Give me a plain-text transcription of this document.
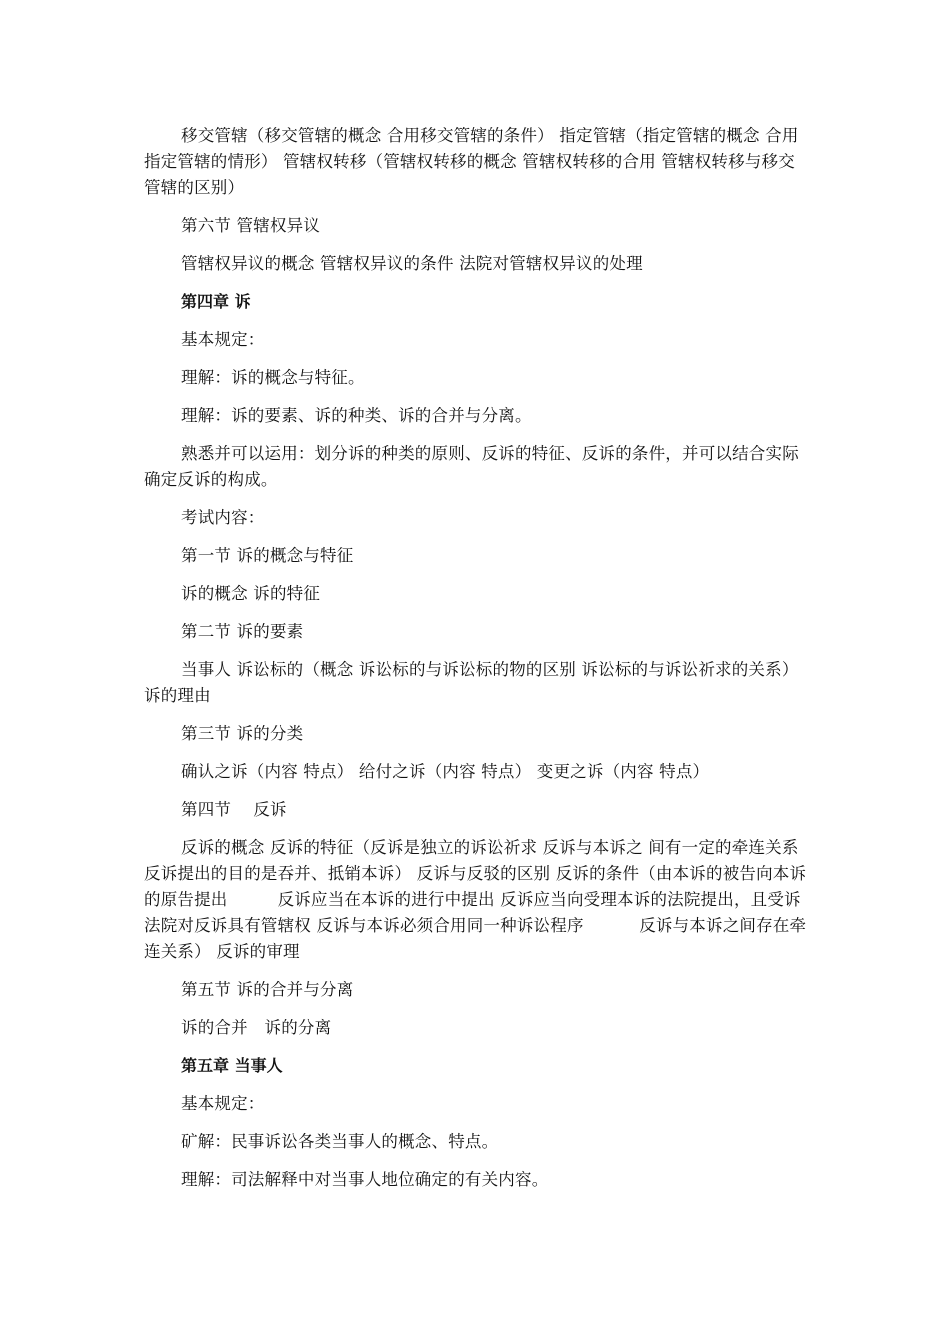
移交管辖（移交管辖的概念 合用移交管辖的条件） 指定管辖（指定管辖的概念 合用指定管辖的情形） 管辖权转移（管辖权转移的概念 管辖权转移的合用 管辖权转移与移交管辖的区别）

第六节 管辖权异议

管辖权异议的概念 管辖权异议的条件 法院对管辖权异议的处理

第四章 诉

基本规定：

理解：诉的概念与特征。

理解：诉的要素、诉的种类、诉的合并与分离。

熟悉并可以运用：划分诉的种类的原则、反诉的特征、反诉的条件，并可以结合实际确定反诉的构成。

考试内容：

第一节 诉的概念与特征

诉的概念 诉的特征

第二节 诉的要素

当事人 诉讼标的（概念 诉讼标的与诉讼标的物的区别 诉讼标的与诉讼祈求的关系） 诉的理由

第三节 诉的分类

确认之诉（内容 特点） 给付之诉（内容 特点） 变更之诉（内容 特点）

第四节　 反诉

反诉的概念 反诉的特征（反诉是独立的诉讼祈求 反诉与本诉之 间有一定的牵连关系 反诉提出的目的是吞并、抵销本诉） 反诉与反驳的区别 反诉的条件（由本诉的被告向本诉的原告提出　　　反诉应当在本诉的进行中提出 反诉应当向受理本诉的法院提出，且受诉法院对反诉具有管辖权 反诉与本诉必须合用同一种诉讼程序　　　 反诉与本诉之间存在牵连关系） 反诉的审理

第五节 诉的合并与分离

诉的合并　诉的分离

第五章 当事人

基本规定：

矿解：民事诉讼各类当事人的概念、特点。

理解：司法解释中对当事人地位确定的有关内容。
